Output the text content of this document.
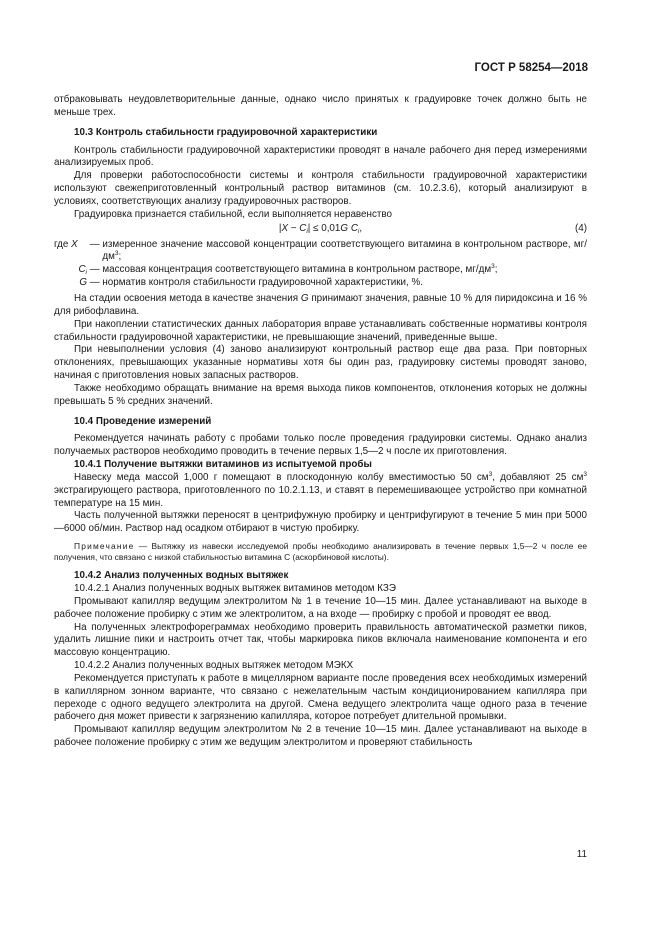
ГОСТ Р 58254—2018

отбраковывать неудовлетворительные данные, однако число принятых к градуировке точек должно быть не меньше трех.

10.3 Контроль стабильности градуировочной характеристики

Контроль стабильности градуировочной характеристики проводят в начале рабочего дня перед измерениями анализируемых проб.

Для проверки работоспособности системы и контроля стабильности градуировочной характеристики используют свежеприготовленный контрольный раствор витаминов (см. 10.2.3.6), который анализируют в условиях, соответствующих анализу градуировочных растворов.

Градуировка признается стабильной, если выполняется неравенство

$|X - C_i| \le 0,01G$ $C_i$,	(4)
где X — измеренное значение массовой концентрации соответствующего витамина в контрольном растворе, $мг/дм^3$;
$C_i$ — массовая концентрация соответствующего витамина в контрольном растворе, $мг/дм^3$;
G — норматив контроля стабильности градуировочной характеристики, %.

На стадии освоения метода в качестве значения G принимают значения, равные 10 % для пиридоксина и 16 % для рибофлавина.

При накоплении статистических данных лаборатория вправе устанавливать собственные нормативы контроля стабильности градуировочной характеристики, не превышающие значений, приведенные выше.

При невыполнении условия (4) заново анализируют контрольный раствор еще два раза. При повторных отклонениях, превышающих указанные нормативы хотя бы один раз, градуировку системы проводят заново, начиная с приготовления новых запасных растворов.

Также необходимо обращать внимание на время выхода пиков компонентов, отклонения которых не должны превышать 5 % средних значений.

10.4 Проведение измерений

Рекомендуется начинать работу с пробами только после проведения градуировки системы. Однако анализ получаемых растворов необходимо проводить в течение первых 1,5—2 ч после их приготовления.

10.4.1 Получение вытяжки витаминов из испытуемой пробы

Навеску меда массой 1,000 г помещают в плоскодонную колбу вместимостью 50 $см^3$, добавляют 25 $см^3$ экстрагирующего раствора, приготовленного по 10.2.1.13, и ставят в перемешивающее устройство при комнатной температуре на 15 мин.

Часть полученной вытяжки переносят в центрифужную пробирку и центрифугируют в течение 5 мин при 5000—6000 об/мин. Раствор над осадком отбирают в чистую пробирку.

Примечание — Вытяжку из навески исследуемой пробы необходимо анализировать в течение первых 1,5—2 ч после ее получения, что связано с низкой стабильностью витамина С (аскорбиновой кислоты).

10.4.2 Анализ полученных водных вытяжек

10.4.2.1 Анализ полученных водных вытяжек витаминов методом КЗЭ

Промывают капилляр ведущим электролитом № 1 в течение 10—15 мин. Далее устанавливают на выходе в рабочее положение пробирку с этим же электролитом, а на входе — пробирку с пробой и проводят ее ввод.

На полученных электрофореграммах необходимо проверить правильность автоматической разметки пиков, удалить лишние пики и настроить отчет так, чтобы маркировка пиков включала наименование компонента и его массовую концентрацию.

10.4.2.2 Анализ полученных водных вытяжек методом МЭКХ

Рекомендуется приступать к работе в мицеллярном варианте после проведения всех необходимых измерений в капиллярном зонном варианте, что связано с нежелательным частым кондиционированием капилляра при переходе с одного ведущего электролита на другой. Смена ведущего электролита чаще одного раза в течение рабочего дня может привести к загрязнению капилляра, которое потребует длительной промывки.

Промывают капилляр ведущим электролитом № 2 в течение 10—15 мин. Далее устанавливают на выходе в рабочее положение пробирку с этим же ведущим электролитом и проверяют стабильность

11
